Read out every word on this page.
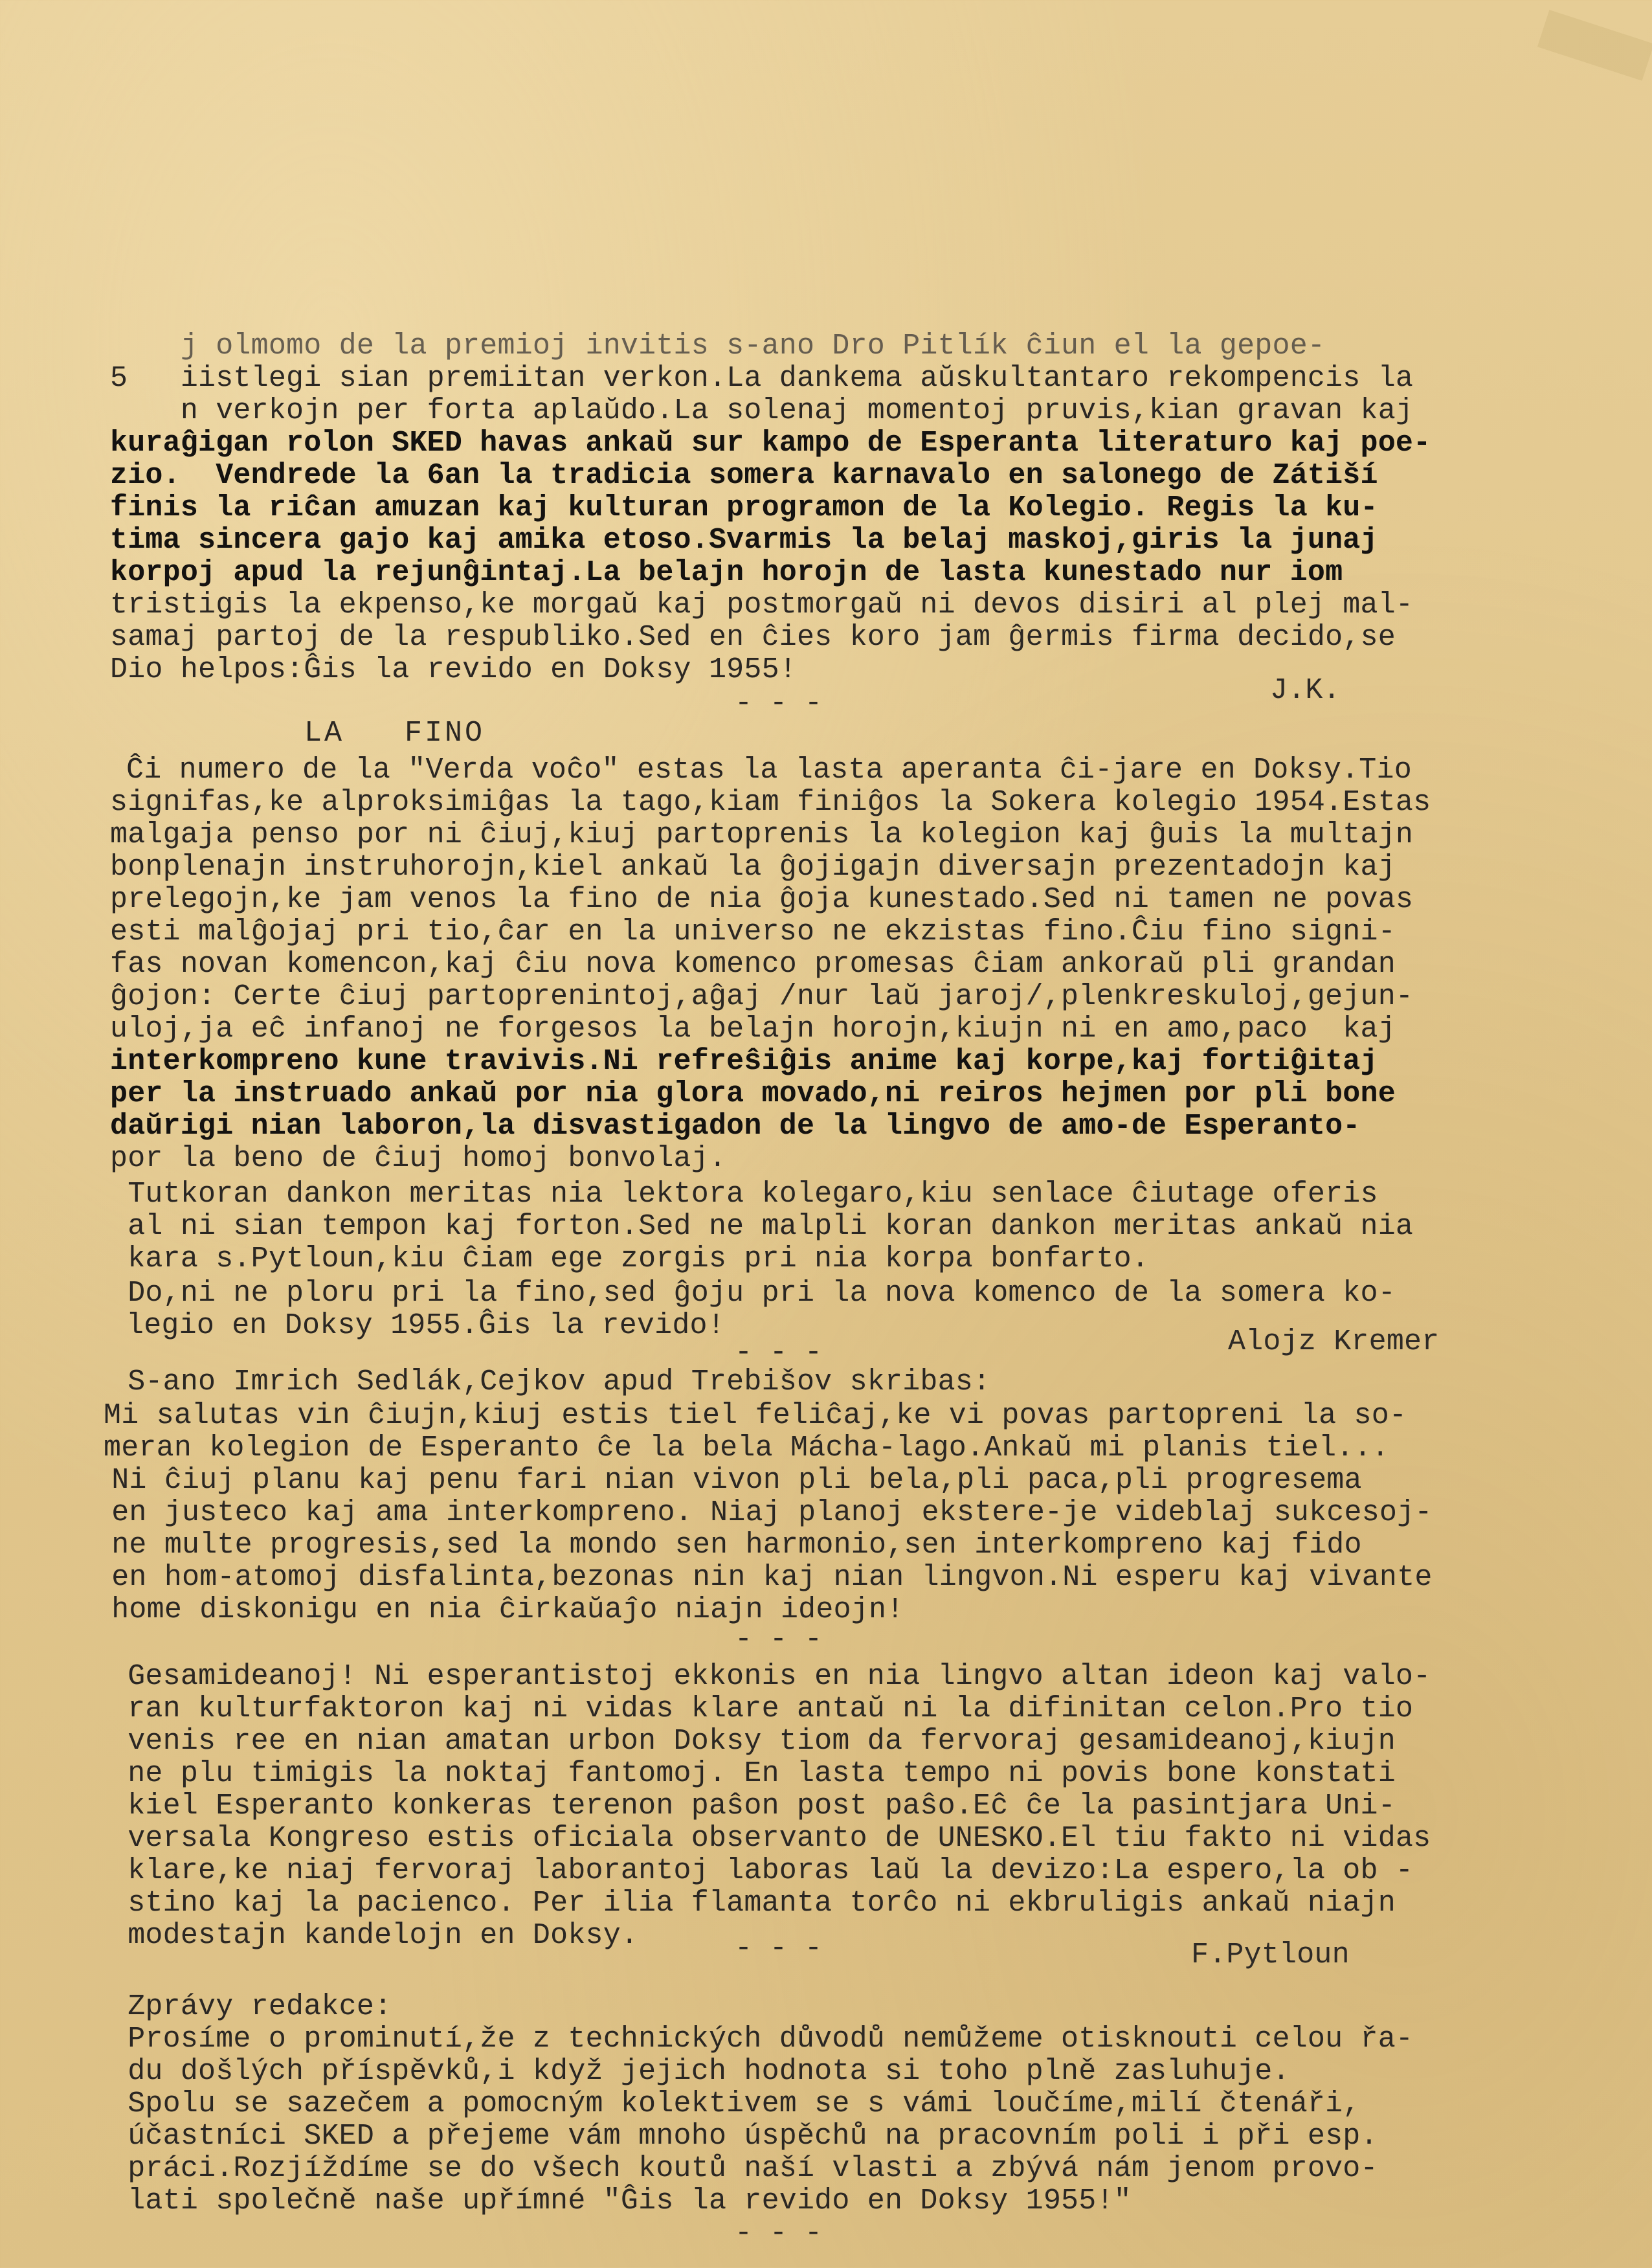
j olmomo de la premioj invitis s-ano Dro Pitlík ĉiun el la gepoe-
5   iistlegi sian premiitan verkon.La dankema aŭskultantaro rekompencis la
n verkojn per forta aplaŭdo.La solenaj momentoj pruvis,kian gravan kaj
kuraĝigan rolon SKED havas ankaŭ sur kampo de Esperanta literaturo kaj poe-
zio.  Vendrede la 6an la tradicia somera karnavalo en salonego de Zátiší
finis la riĉan amuzan kaj kulturan programon de la Kolegio. Regis la ku-
tima sincera gajo kaj amika etoso.Svarmis la belaj maskoj,giris la junaj
korpoj apud la rejunĝintaj.La belajn horojn de lasta kunestado nur iom
tristigis la ekpenso,ke morgaŭ kaj postmorgaŭ ni devos disiri al plej mal-
samaj partoj de la respubliko.Sed en ĉies koro jam ĝermis firma decido,se
Dio helpos:Ĝis la revido en Doksy 1955!
J.K.
- - -
LA   FINO
Ĉi numero de la "Verda voĉo" estas la lasta aperanta ĉi-jare en Doksy.Tio
signifas,ke alproksimiĝas la tago,kiam finiĝos la Sokera kolegio 1954.Estas
malgaja penso por ni ĉiuj,kiuj partoprenis la kolegion kaj ĝuis la multajn
bonplenajn instruhorojn,kiel ankaŭ la ĝojigajn diversajn prezentadojn kaj
prelegojn,ke jam venos la fino de nia ĝoja kunestado.Sed ni tamen ne povas
esti malĝojaj pri tio,ĉar en la universo ne ekzistas fino.Ĉiu fino signi-
fas novan komencon,kaj ĉiu nova komenco promesas ĉiam ankoraŭ pli grandan
ĝojon: Certe ĉiuj partoprenintoj,aĝaj /nur laŭ jaroj/,plenkreskuloj,gejun-
uloj,ja eĉ infanoj ne forgesos la belajn horojn,kiujn ni en amo,paco  kaj
interkompreno kune travivis.Ni refreŝiĝis anime kaj korpe,kaj fortiĝitaj
per la instruado ankaŭ por nia glora movado,ni reiros hejmen por pli bone
daŭrigi nian laboron,la disvastigadon de la lingvo de amo-de Esperanto-
por la beno de ĉiuj homoj bonvolaj.
Tutkoran dankon meritas nia lektora kolegaro,kiu senlace ĉiutage oferis
al ni sian tempon kaj forton.Sed ne malpli koran dankon meritas ankaŭ nia
kara s.Pytloun,kiu ĉiam ege zorgis pri nia korpa bonfarto.
Do,ni ne ploru pri la fino,sed ĝoju pri la nova komenco de la somera ko-
legio en Doksy 1955.Ĝis la revido!	Alojz Kremer
- - -
S-ano Imrich Sedlák,Cejkov apud Trebišov skribas:
Mi salutas vin ĉiujn,kiuj estis tiel feliĉaj,ke vi povas partopreni la so-
meran kolegion de Esperanto ĉe la bela Mácha-lago.Ankaŭ mi planis tiel...
Ni ĉiuj planu kaj penu fari nian vivon pli bela,pli paca,pli progresema
en justeco kaj ama interkompreno. Niaj planoj ekstere-je videblaj sukcesoj-
ne multe progresis,sed la mondo sen harmonio,sen interkompreno kaj fido
en hom-atomoj disfalinta,bezonas nin kaj nian lingvon.Ni esperu kaj vivante
home diskonigu en nia ĉirkaŭaĵo niajn ideojn!
- - -
Gesamideanoj! Ni esperantistoj ekkonis en nia lingvo altan ideon kaj valo-
ran kulturfaktoron kaj ni vidas klare antaŭ ni la difinitan celon.Pro tio
venis ree en nian amatan urbon Doksy tiom da fervoraj gesamideanoj,kiujn
ne plu timigis la noktaj fantomoj. En lasta tempo ni povis bone konstati
kiel Esperanto konkeras terenon paŝon post paŝo.Eĉ ĉe la pasintjara Uni-
versala Kongreso estis oficiala observanto de UNESKO.El tiu fakto ni vidas
klare,ke niaj fervoraj laborantoj laboras laŭ la devizo:La espero,la ob -
stino kaj la pacienco. Per ilia flamanta torĉo ni ekbruligis ankaŭ niajn
modestajn kandelojn en Doksy.	- - -	F.Pytloun
Zprávy redakce:
Prosíme o prominutí,že z technických důvodů nemůžeme otisknouti celou řa-
du došlých příspěvků,i když jejich hodnota si toho plně zasluhuje.
Spolu se sazečem a pomocným kolektivem se s vámi loučíme,milí čtenáři,
účastníci SKED a přejeme vám mnoho úspěchů na pracovním poli i při esp.
práci.Rozjíždíme se do všech koutů naší vlasti a zbývá nám jenom provo-
lati společně naše upřímné "Ĝis la revido en Doksy 1955!"
- - -
